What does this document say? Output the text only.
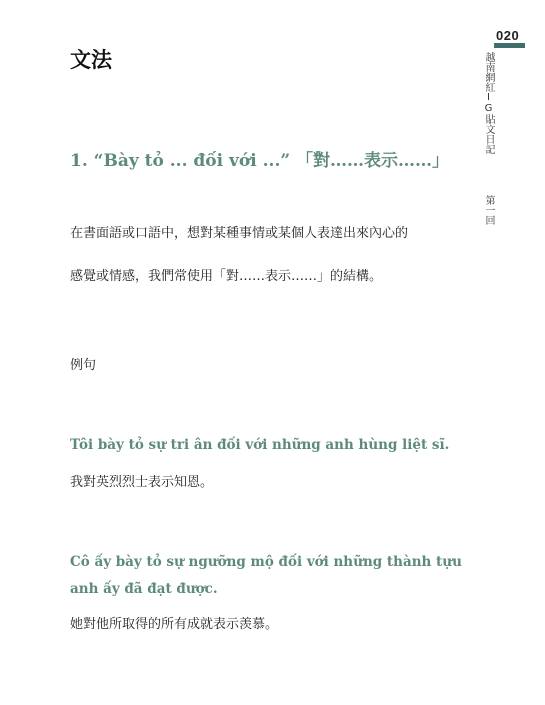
020
越南網紅IG貼文日記
第一回
文法
1. “Bày tỏ ... đối với ...” 「對……表示……」
在書面語或口語中，想對某種事情或某個人表達出來內心的
感覺或情感，我們常使用「對……表示……」的結構。
例句
Tôi bày tỏ sự tri ân đối với những anh hùng liệt sĩ.
我對英烈烈士表示知恩。
Cô ấy bày tỏ sự ngưỡng mộ đối với những thành tựu
anh ấy đã đạt được.
她對他所取得的所有成就表示羡慕。
